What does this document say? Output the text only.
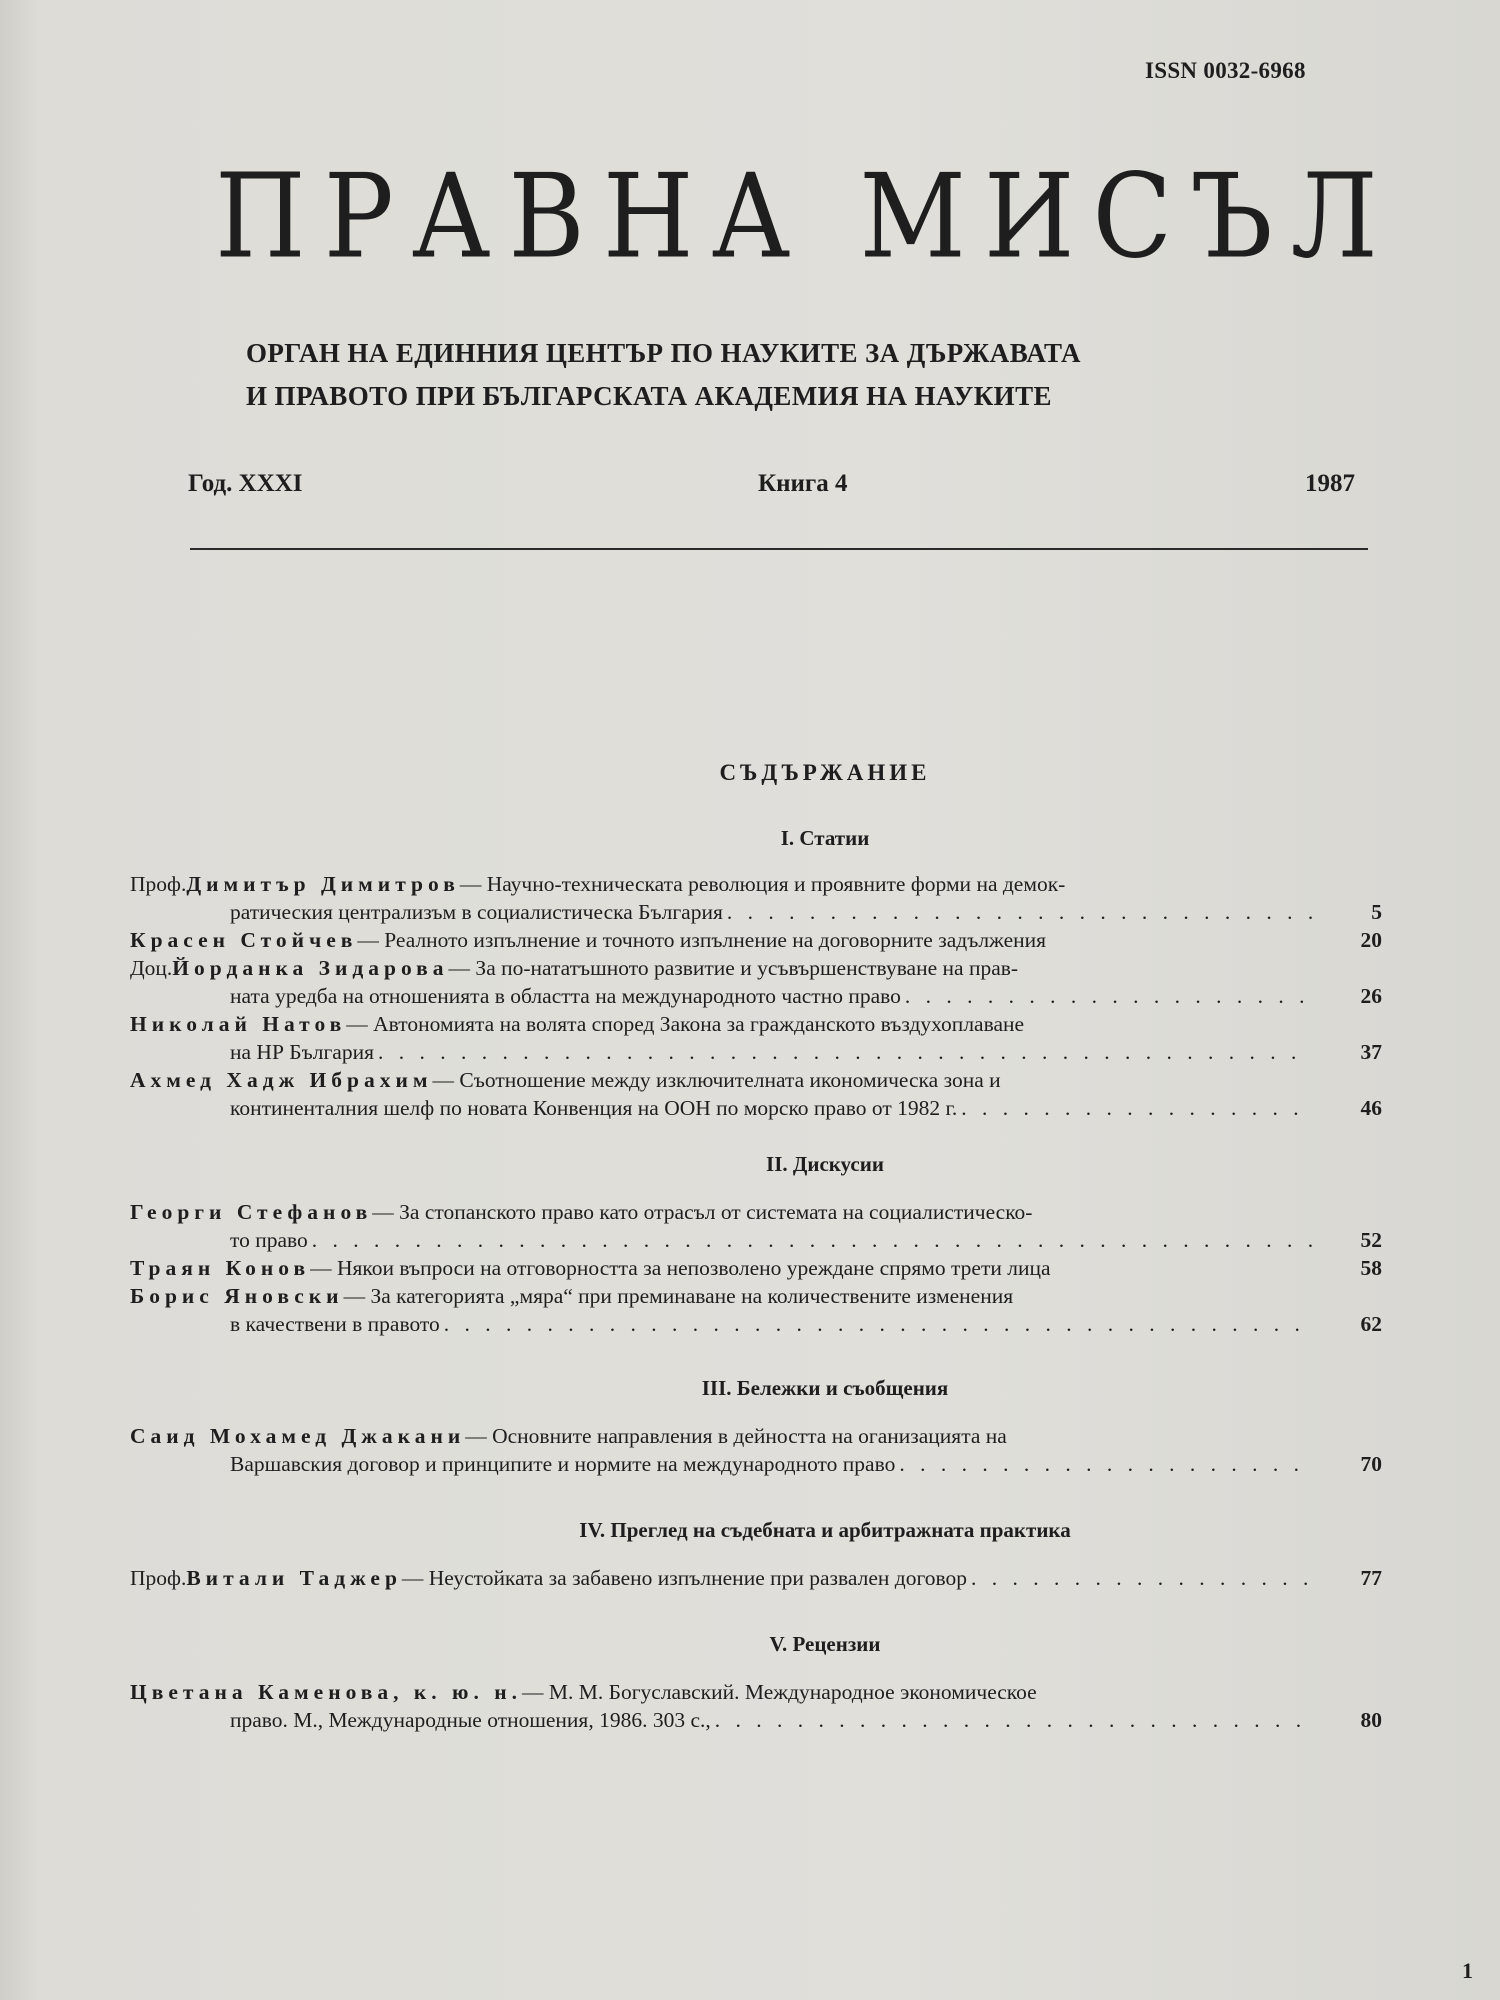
ISSN 0032-6968
ПРАВНА МИСЪЛ
ОРГАН НА ЕДИННИЯ ЦЕНТЪР ПО НАУКИТЕ ЗА ДЪРЖАВАТА
И ПРАВОТО ПРИ БЪЛГАРСКАТА АКАДЕМИЯ НА НАУКИТЕ
Год. XXXI	Книга 4	1987
СЪДЪРЖАНИЕ
I. Статии
Проф. Димитър Димитров — Научно-техническата революция и проявните форми на демок-
ратическия централизъм в социалистическа България . . .	5
Красен Стойчев — Реалното изпълнение и точното изпълнение на договорните задължения	20
Доц. Йорданка Зидарова — За по-нататъшното развитие и усъвършенствуване на прав-
ната уредба на отношенията в областта на международното частно право . . .	26
Николай Натов — Автономията на волята според Закона за гражданското въздухоплаване
на НР България . . .	37
Ахмед Хадж Ибрахим — Съотношение между изключителната икономическа зона и
континенталния шелф по новата Конвенция на ООН по морско право от 1982 г. . . .	46
II. Дискусии
Георги Стефанов — За стопанското право като отрасъл от системата на социалистическо-
то право . . .	52
Траян Конов — Някои въпроси на отговорността за непозволено уреждане спрямо трети лица	58
Борис Яновски — За категорията „мяра“ при преминаване на количествените изменения
в качествени в правото . . .	62
III. Бележки и съобщения
Саид Мохамед Джакани — Основните направления в дейността на оганизацията на
Варшавския договор и принципите и нормите на международното право . . .	70
IV. Преглед на съдебната и арбитражната практика
Проф. Витали Таджер — Неустойката за забавено изпълнение при развален договор . . .	77
V. Рецензии
Цветана Каменова, к. ю. н. — М. М. Богуславский. Международное экономическое
право. М., Международные отношения, 1986. 303 с., . . .	80
1
